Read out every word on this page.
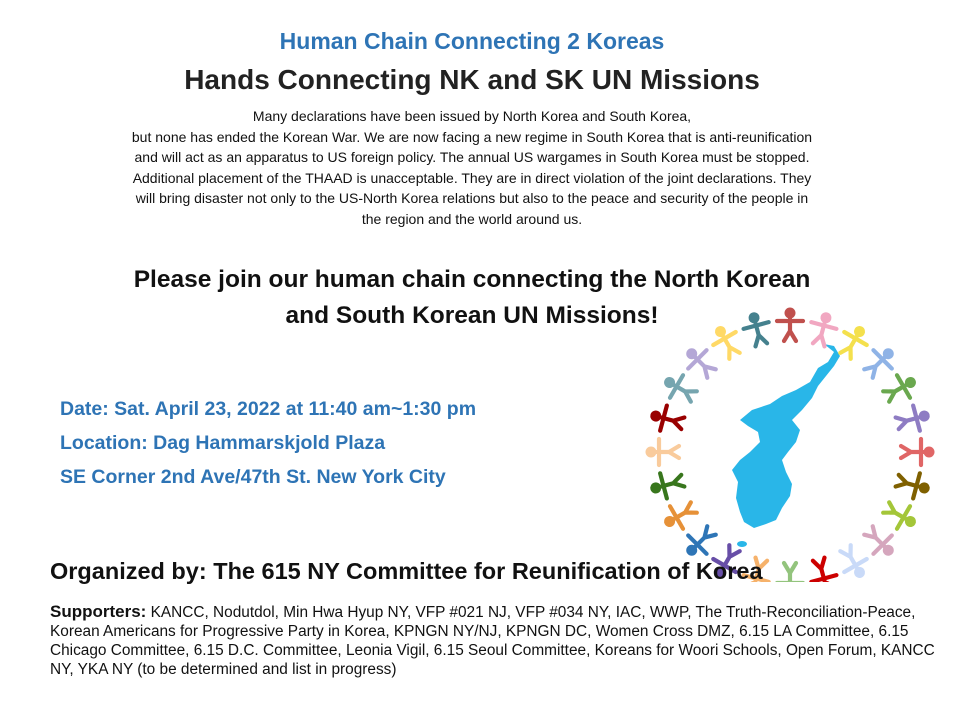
Human Chain Connecting 2 Koreas
Hands Connecting NK and SK UN Missions
Many declarations have been issued by North Korea and South Korea,
but none has ended the Korean War. We are now facing a new regime in South Korea that is anti-reunification
and will act as an apparatus to US foreign policy. The annual US wargames in South Korea must be stopped.
Additional placement of the THAAD is unacceptable. They are in direct violation of the joint declarations. They
will bring disaster not only to the US-North Korea relations but also to the peace and security of the people in
the region and the world around us.
Please join our human chain connecting the North Korean
and South Korean UN Missions!
Date: Sat. April 23, 2022 at 11:40 am~1:30 pm
Location: Dag Hammarskjold Plaza
SE Corner 2nd Ave/47th St. New York City
Organized by: The 615 NY Committee for Reunification of Korea
Supporters: KANCC, Nodutdol, Min Hwa Hyup NY, VFP #021 NJ, VFP #034 NY, IAC, WWP, The Truth-Reconciliation-Peace, Korean Americans for Progressive Party in Korea, KPNGN NY/NJ, KPNGN DC, Women Cross DMZ, 6.15 LA Committee, 6.15 Chicago Committee, 6.15 D.C. Committee, Leonia Vigil, 6.15 Seoul Committee, Koreans for Woori Schools, Open Forum, KANCC NY, YKA NY (to be determined and list in progress)
